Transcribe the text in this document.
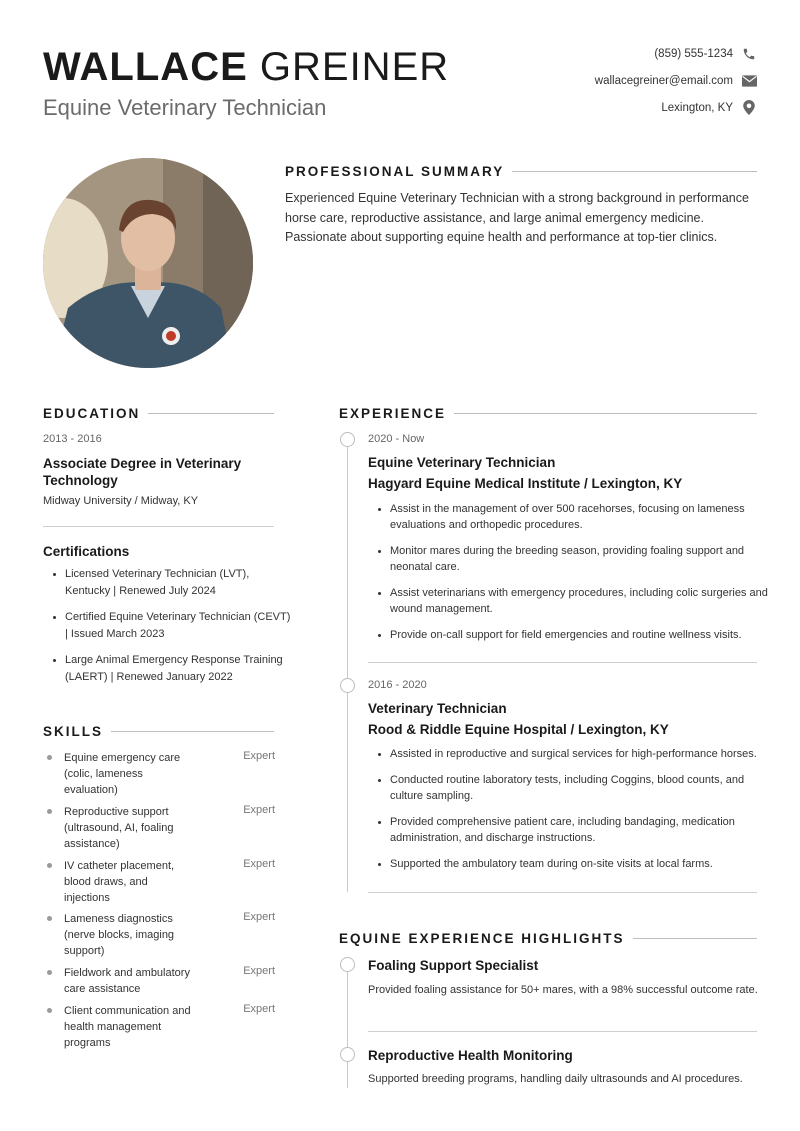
WALLACE GREINER
Equine Veterinary Technician
(859) 555-1234
wallacegreiner@email.com
Lexington, KY
PROFESSIONAL SUMMARY
Experienced Equine Veterinary Technician with a strong background in performance horse care, reproductive assistance, and large animal emergency medicine. Passionate about supporting equine health and performance at top-tier clinics.
EDUCATION
2013 - 2016
Associate Degree in Veterinary Technology
Midway University / Midway, KY
Certifications
Licensed Veterinary Technician (LVT), Kentucky | Renewed July 2024
Certified Equine Veterinary Technician (CEVT) | Issued March 2023
Large Animal Emergency Response Training (LAERT) | Renewed January 2022
SKILLS
Equine emergency care (colic, lameness evaluation)
Expert
Reproductive support (ultrasound, AI, foaling assistance)
Expert
IV catheter placement, blood draws, and injections
Expert
Lameness diagnostics (nerve blocks, imaging support)
Expert
Fieldwork and ambulatory care assistance
Expert
Client communication and health management programs
Expert
EXPERIENCE
2020 - Now
Equine Veterinary Technician
Hagyard Equine Medical Institute / Lexington, KY
Assist in the management of over 500 racehorses, focusing on lameness evaluations and orthopedic procedures.
Monitor mares during the breeding season, providing foaling support and neonatal care.
Assist veterinarians with emergency procedures, including colic surgeries and wound management.
Provide on-call support for field emergencies and routine wellness visits.
2016 - 2020
Veterinary Technician
Rood & Riddle Equine Hospital / Lexington, KY
Assisted in reproductive and surgical services for high-performance horses.
Conducted routine laboratory tests, including Coggins, blood counts, and culture sampling.
Provided comprehensive patient care, including bandaging, medication administration, and discharge instructions.
Supported the ambulatory team during on-site visits at local farms.
EQUINE EXPERIENCE HIGHLIGHTS
Foaling Support Specialist
Provided foaling assistance for 50+ mares, with a 98% successful outcome rate.
Reproductive Health Monitoring
Supported breeding programs, handling daily ultrasounds and AI procedures.
